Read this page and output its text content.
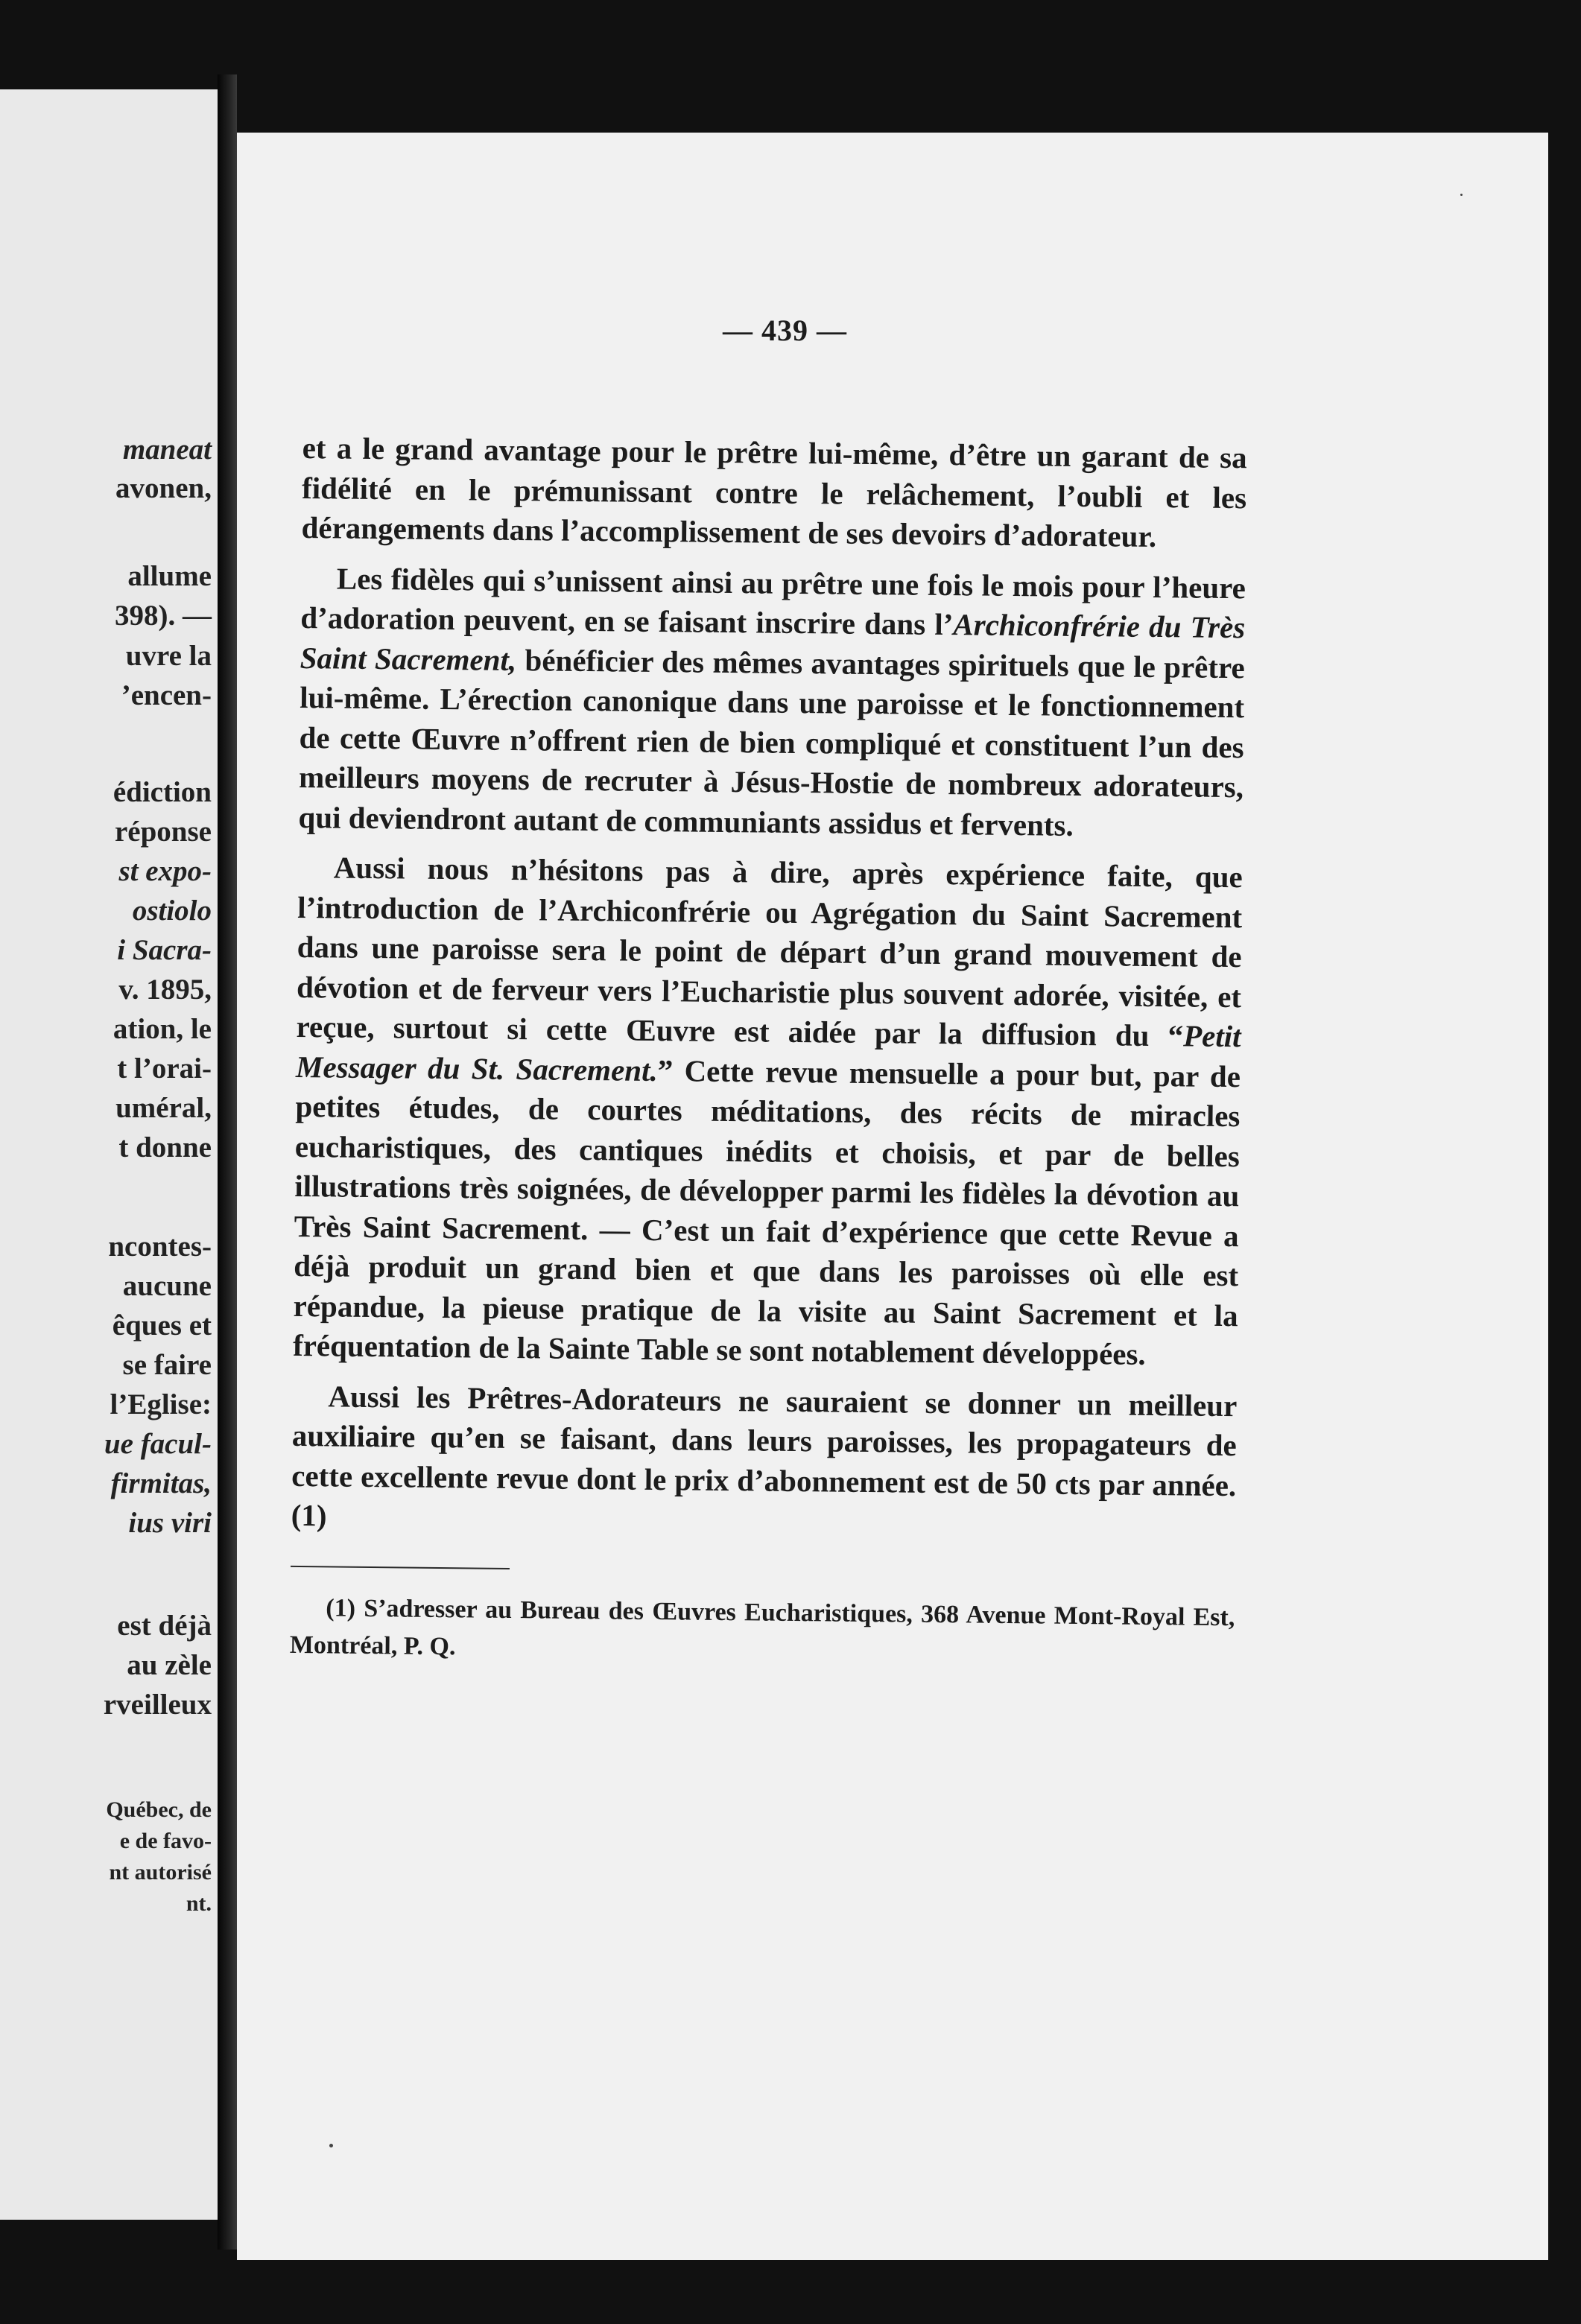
maneat
avonen,
allume
398). —
uvre la
’encen-
édiction
réponse
st expo-
ostiolo
i Sacra-
v. 1895,
ation, le
t l’orai-
uméral,
t donne
ncontes-
aucune
êques et
se faire
l’Eglise:
ue facul-
firmitas,
ius viri
est déjà
au zèle
rveilleux
Québec, de
e de favo-
nt autorisé
nt.
— 439 —

et a le grand avantage pour le prêtre lui-même, d’être un garant de sa fidélité en le prémunissant contre le relâchement, l’oubli et les dérangements dans l’accomplissement de ses devoirs d’adorateur.

Les fidèles qui s’unissent ainsi au prêtre une fois le mois pour l’heure d’adoration peuvent, en se faisant inscrire dans l’Archiconfrérie du Très Saint Sacrement, bénéficier des mêmes avantages spirituels que le prêtre lui-même. L’érection canonique dans une paroisse et le fonctionnement de cette Œuvre n’offrent rien de bien compliqué et constituent l’un des meilleurs moyens de recruter à Jésus-Hostie de nombreux adorateurs, qui deviendront autant de communiants assidus et fervents.

Aussi nous n’hésitons pas à dire, après expérience faite, que l’introduction de l’Archiconfrérie ou Agrégation du Saint Sacrement dans une paroisse sera le point de départ d’un grand mouvement de dévotion et de ferveur vers l’Eucharistie plus souvent adorée, visitée, et reçue, surtout si cette Œuvre est aidée par la diffusion du “Petit Messager du St. Sacrement.” Cette revue mensuelle a pour but, par de petites études, de courtes méditations, des récits de miracles eucharistiques, des cantiques inédits et choisis, et par de belles illustrations très soignées, de développer parmi les fidèles la dévotion au Très Saint Sacrement. — C’est un fait d’expérience que cette Revue a déjà produit un grand bien et que dans les paroisses où elle est répandue, la pieuse pratique de la visite au Saint Sacrement et la fréquentation de la Sainte Table se sont notablement développées.

Aussi les Prêtres-Adorateurs ne sauraient se donner un meilleur auxiliaire qu’en se faisant, dans leurs paroisses, les propagateurs de cette excellente revue dont le prix d’abonnement est de 50 cts par année. (1)

(1) S’adresser au Bureau des Œuvres Eucharistiques, 368 Avenue Mont-Royal Est, Montréal, P. Q.
